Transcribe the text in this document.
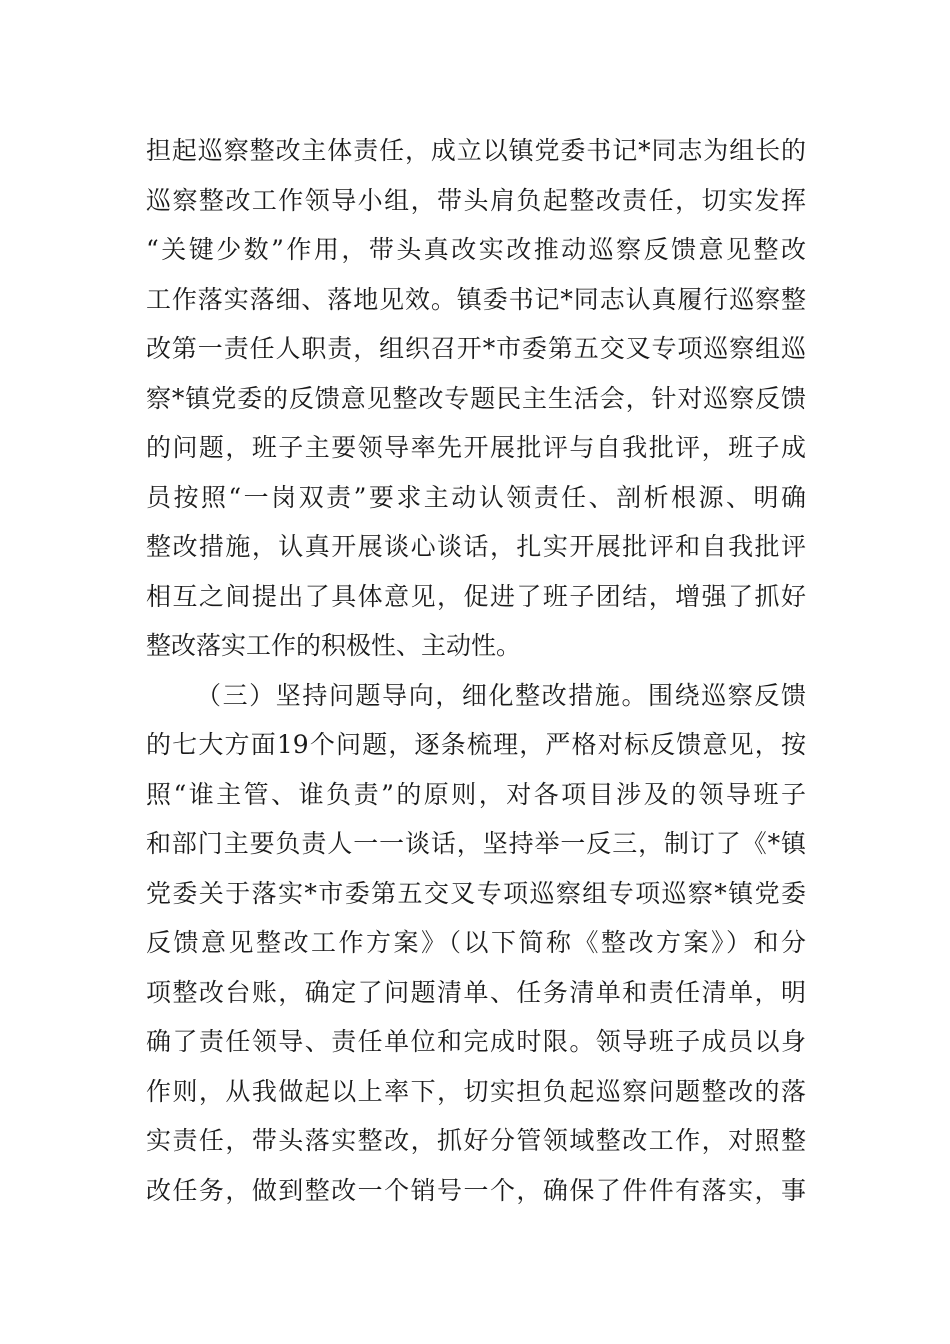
担起巡察整改主体责任，成立以镇党委书记*同志为组长的
巡察整改工作领导小组，带头肩负起整改责任，切实发挥
“关键少数”作用，带头真改实改推动巡察反馈意见整改
工作落实落细、落地见效。镇委书记*同志认真履行巡察整
改第一责任人职责，组织召开*市委第五交叉专项巡察组巡
察*镇党委的反馈意见整改专题民主生活会，针对巡察反馈
的问题，班子主要领导率先开展批评与自我批评，班子成
员按照“一岗双责”要求主动认领责任、剖析根源、明确
整改措施，认真开展谈心谈话，扎实开展批评和自我批评
相互之间提出了具体意见，促进了班子团结，增强了抓好
整改落实工作的积极性、主动性。
（三）坚持问题导向，细化整改措施。围绕巡察反馈
的七大方面19个问题，逐条梳理，严格对标反馈意见，按
照“谁主管、谁负责”的原则，对各项目涉及的领导班子
和部门主要负责人一一谈话，坚持举一反三，制订了《*镇
党委关于落实*市委第五交叉专项巡察组专项巡察*镇党委
反馈意见整改工作方案》（以下简称《整改方案》）和分
项整改台账，确定了问题清单、任务清单和责任清单，明
确了责任领导、责任单位和完成时限。领导班子成员以身
作则，从我做起以上率下，切实担负起巡察问题整改的落
实责任，带头落实整改，抓好分管领域整改工作，对照整
改任务，做到整改一个销号一个，确保了件件有落实，事
